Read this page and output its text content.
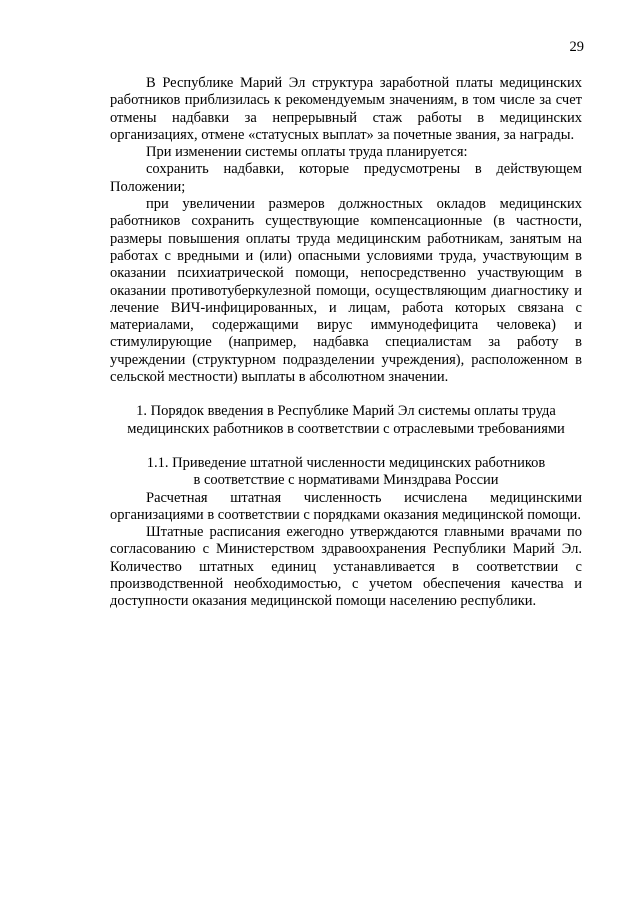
29

В Республике Марий Эл структура заработной платы медицинских работников приблизилась к рекомендуемым значениям, в том числе за счет отмены надбавки за непрерывный стаж работы в медицинских организациях, отмене «статусных выплат» за почетные звания, за награды.

При изменении системы оплаты труда планируется:

сохранить надбавки, которые предусмотрены в действующем Положении;

при увеличении размеров должностных окладов медицинских работников сохранить существующие компенсационные (в частности, размеры повышения оплаты труда медицинским работникам, занятым на работах с вредными и (или) опасными условиями труда, участвующим в оказании психиатрической помощи, непосредственно участвующим в оказании противотуберкулезной помощи, осуществляющим диагностику и лечение ВИЧ-инфицированных, и лицам, работа которых связана с материалами, содержащими вирус иммунодефицита человека) и стимулирующие (например, надбавка специалистам за работу в учреждении (структурном подразделении учреждения), расположенном в сельской местности) выплаты в абсолютном значении.

1. Порядок введения в Республике Марий Эл системы оплаты труда
медицинских работников в соответствии с отраслевыми требованиями
1.1. Приведение штатной численности медицинских работников
в соответствие с нормативами Минздрава России

Расчетная штатная численность исчислена медицинскими организациями в соответствии с порядками оказания медицинской помощи.

Штатные расписания ежегодно утверждаются главными врачами по согласованию с Министерством здравоохранения Республики Марий Эл. Количество штатных единиц устанавливается в соответствии с производственной необходимостью, с учетом обеспечения качества и доступности оказания медицинской помощи населению республики.
